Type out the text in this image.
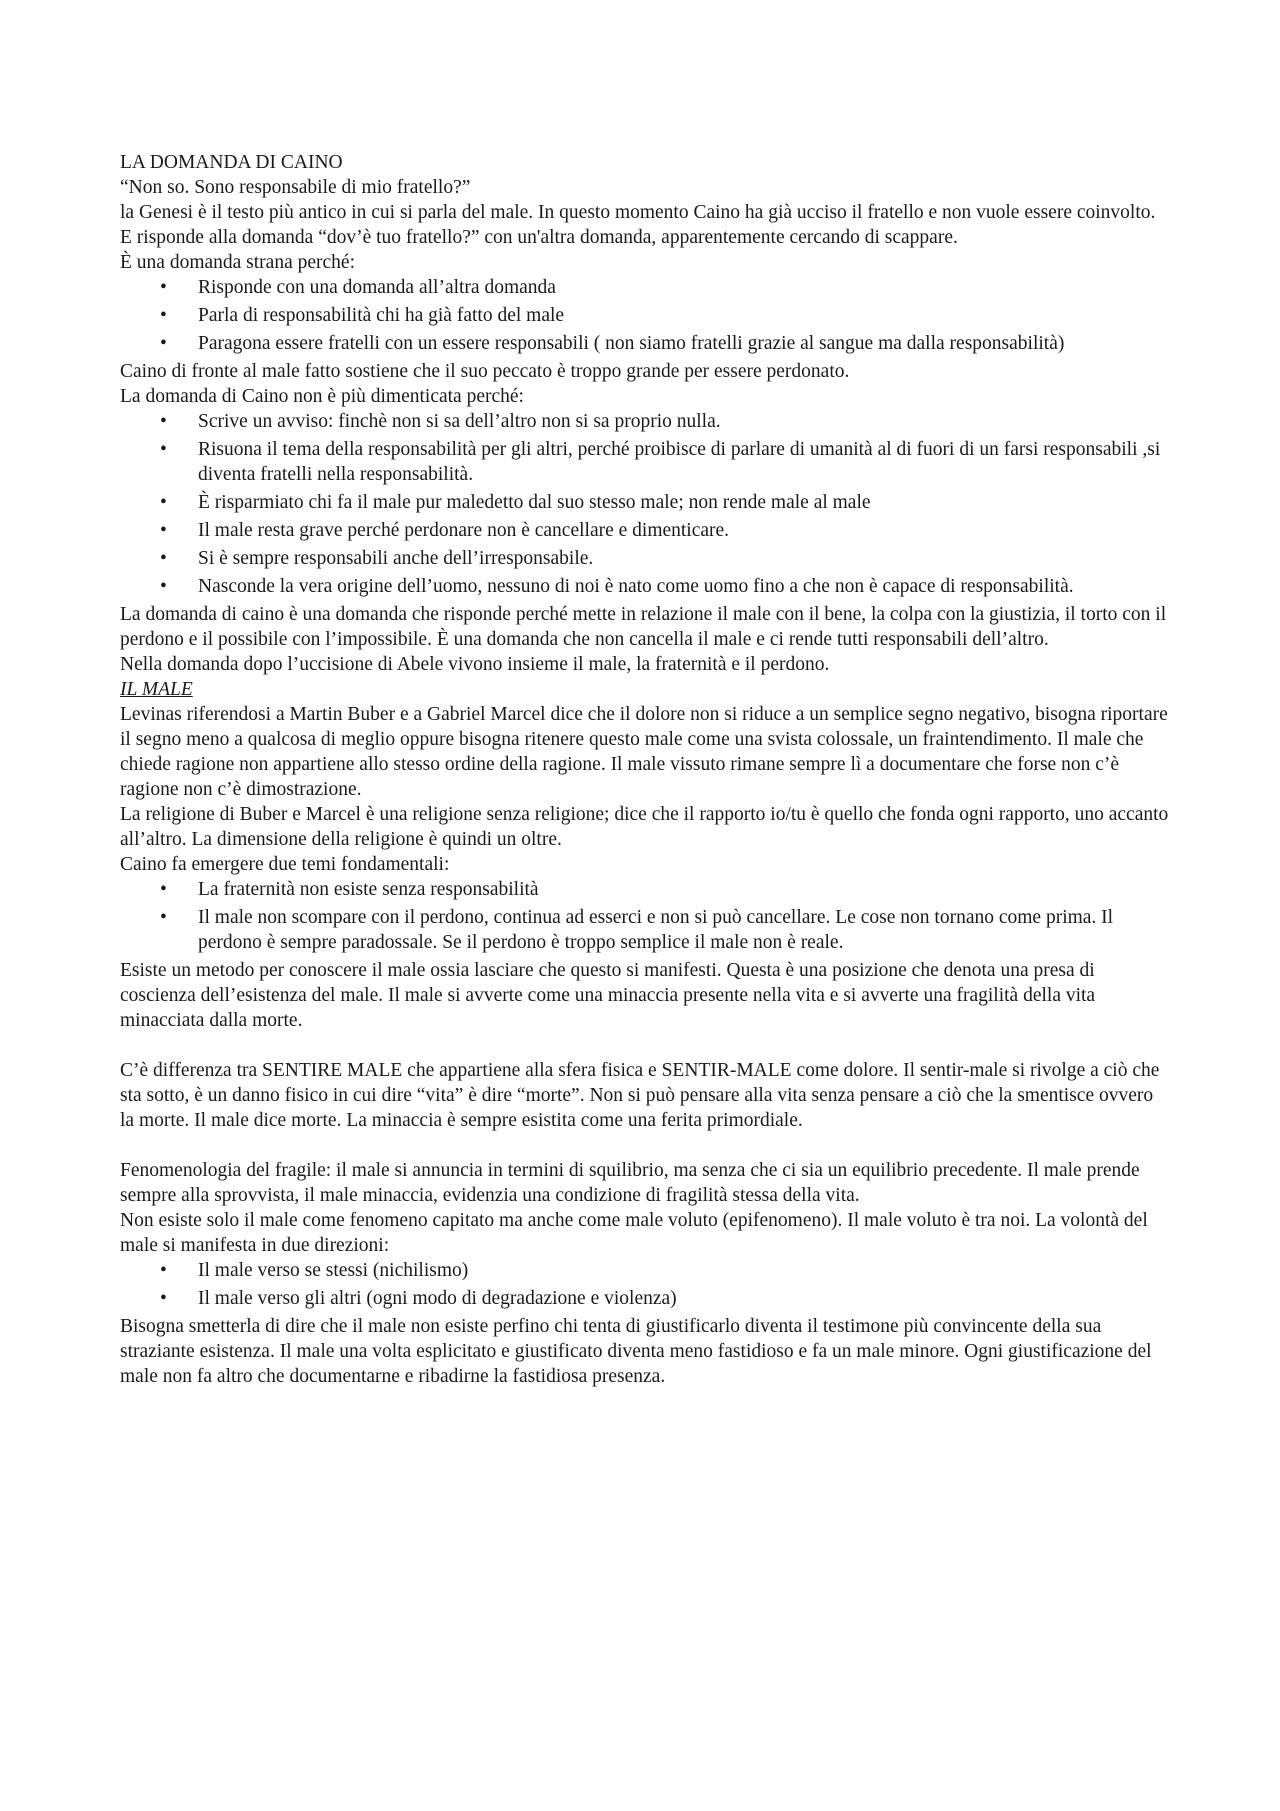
LA DOMANDA DI CAINO

“Non so. Sono responsabile di mio fratello?”

la Genesi è il testo più antico in cui si parla del male. In questo momento Caino ha già ucciso il fratello e non vuole essere coinvolto. E risponde alla domanda “dov’è tuo fratello?” con un'altra domanda, apparentemente cercando di scappare.

È una domanda strana perché:

• Risponde con una domanda all’altra domanda
• Parla di responsabilità chi ha già fatto del male
• Paragona essere fratelli con un essere responsabili ( non siamo fratelli grazie al sangue ma dalla responsabilità)

Caino di fronte al male fatto sostiene che il suo peccato è troppo grande per essere perdonato.

La domanda di Caino non è più dimenticata perché:

• Scrive un avviso: finchè non si sa dell’altro non si sa proprio nulla.
• Risuona il tema della responsabilità per gli altri, perché proibisce di parlare di umanità al di fuori di un farsi responsabili ,si diventa fratelli nella responsabilità.
• È risparmiato chi fa il male pur maledetto dal suo stesso male; non rende male al male
• Il male resta grave perché perdonare non è cancellare e dimenticare.
• Si è sempre responsabili anche dell’irresponsabile.
• Nasconde la vera origine dell’uomo, nessuno di noi è nato come uomo fino a che non è capace di responsabilità.

La domanda di caino è una domanda che risponde perché mette in relazione il male con il bene, la colpa con la giustizia, il torto con il perdono e il possibile con l’impossibile. È una domanda che non cancella il male e ci rende tutti responsabili dell’altro.

Nella domanda dopo l’uccisione di Abele vivono insieme il male, la fraternità e il perdono.

IL MALE

Levinas riferendosi a Martin Buber e a Gabriel Marcel dice che il dolore non si riduce a un semplice segno negativo, bisogna riportare il segno meno a qualcosa di meglio oppure bisogna ritenere questo male come una svista colossale, un fraintendimento. Il male che chiede ragione non appartiene allo stesso ordine della ragione. Il male vissuto rimane sempre lì a documentare che forse non c’è ragione non c’è dimostrazione.

La religione di Buber e Marcel è una religione senza religione; dice che il rapporto io/tu è quello che fonda ogni rapporto, uno accanto all’altro. La dimensione della religione è quindi un oltre.

Caino fa emergere due temi fondamentali:

• La fraternità non esiste senza responsabilità
• Il male non scompare con il perdono, continua ad esserci e non si può cancellare. Le cose non tornano come prima. Il perdono è sempre paradossale. Se il perdono è troppo semplice il male non è reale.

Esiste un metodo per conoscere il male ossia lasciare che questo si manifesti. Questa è una posizione che denota una presa di coscienza dell’esistenza del male. Il male si avverte come una minaccia presente nella vita e si avverte una fragilità della vita minacciata dalla morte.

C’è differenza tra SENTIRE MALE che appartiene alla sfera fisica e SENTIR-MALE come dolore. Il sentir-male si rivolge a ciò che sta sotto, è un danno fisico in cui dire “vita” è dire “morte”. Non si può pensare alla vita senza pensare a ciò che la smentisce ovvero la morte. Il male dice morte. La minaccia è sempre esistita come una ferita primordiale.

Fenomenologia del fragile: il male si annuncia in termini di squilibrio, ma senza che ci sia un equilibrio precedente. Il male prende sempre alla sprovvista, il male minaccia, evidenzia una condizione di fragilità stessa della vita.

Non esiste solo il male come fenomeno capitato ma anche come male voluto (epifenomeno). Il male voluto è tra noi. La volontà del male si manifesta in due direzioni:

• Il male verso se stessi (nichilismo)
• Il male verso gli altri (ogni modo di degradazione e violenza)

Bisogna smetterla di dire che il male non esiste perfino chi tenta di giustificarlo diventa il testimone più convincente della sua straziante esistenza. Il male una volta esplicitato e giustificato diventa meno fastidioso e fa un male minore. Ogni giustificazione del male non fa altro che documentarne e ribadirne la fastidiosa presenza.
